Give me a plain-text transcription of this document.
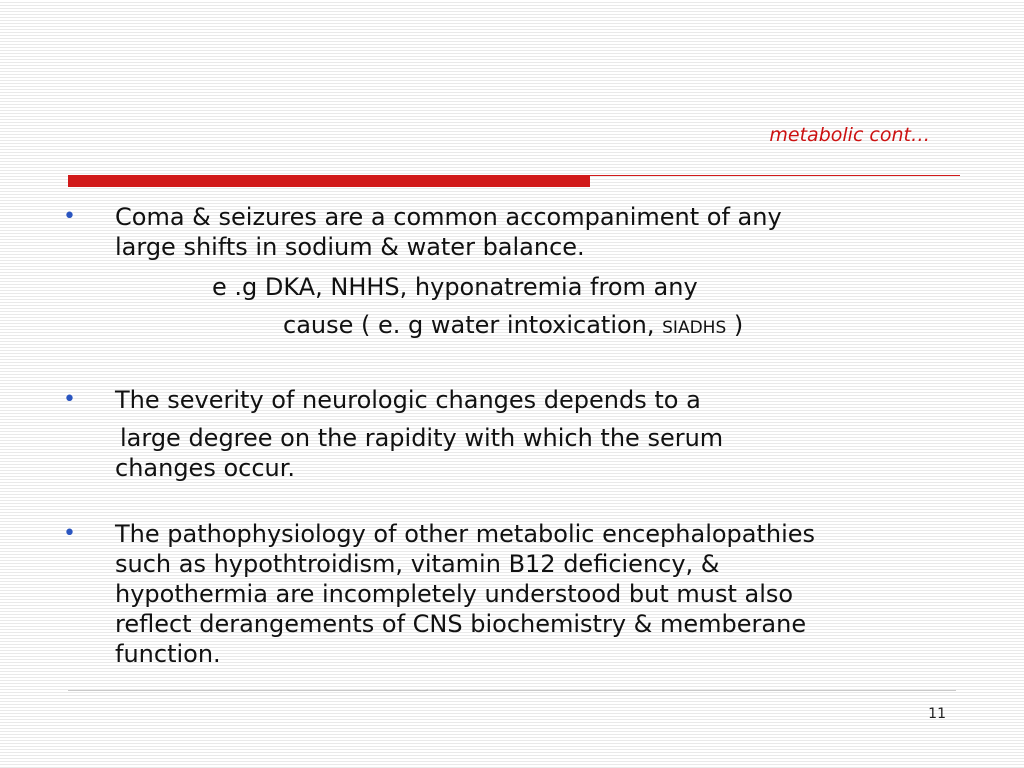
metabolic cont…
• Coma & seizures are a common accompaniment of any
large shifts in sodium & water balance.
e .g DKA, NHHS, hyponatremia from any
cause ( e. g water intoxication, SIADHS )
• The severity of neurologic changes depends to a
large degree on the rapidity with which the serum
changes occur.
• The pathophysiology of other metabolic encephalopathies
such as hypothtroidism, vitamin B12 deficiency, &
hypothermia are incompletely understood but must also
reflect derangements of CNS biochemistry & memberane
function.
11
